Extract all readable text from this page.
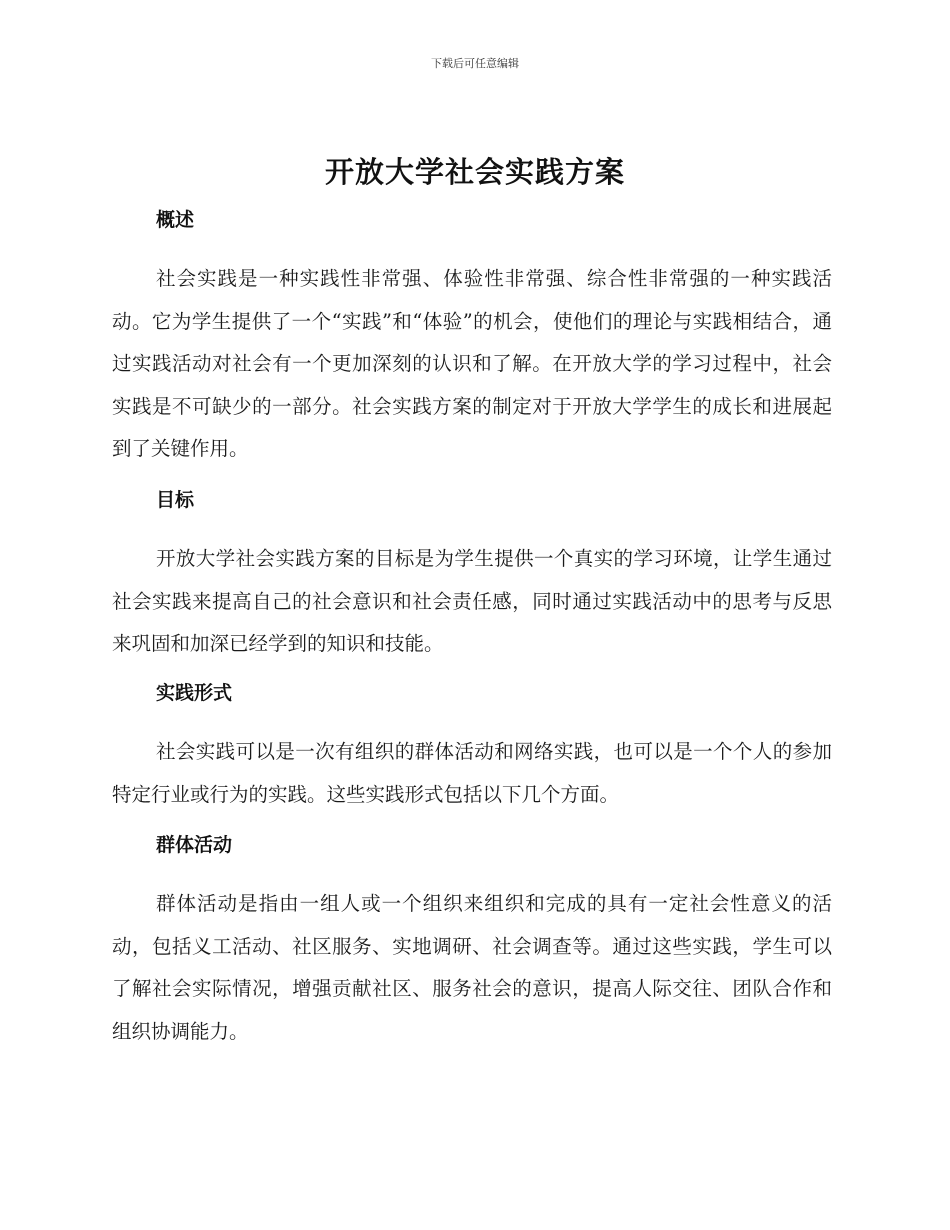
下载后可任意编辑
开放大学社会实践方案
概述

社会实践是一种实践性非常强、体验性非常强、综合性非常强的一种实践活动。它为学生提供了一个“实践”和“体验”的机会，使他们的理论与实践相结合，通过实践活动对社会有一个更加深刻的认识和了解。在开放大学的学习过程中，社会实践是不可缺少的一部分。社会实践方案的制定对于开放大学学生的成长和进展起到了关键作用。

目标

开放大学社会实践方案的目标是为学生提供一个真实的学习环境，让学生通过社会实践来提高自己的社会意识和社会责任感，同时通过实践活动中的思考与反思来巩固和加深已经学到的知识和技能。

实践形式

社会实践可以是一次有组织的群体活动和网络实践，也可以是一个个人的参加特定行业或行为的实践。这些实践形式包括以下几个方面。

群体活动

群体活动是指由一组人或一个组织来组织和完成的具有一定社会性意义的活动，包括义工活动、社区服务、实地调研、社会调查等。通过这些实践，学生可以了解社会实际情况，增强贡献社区、服务社会的意识，提高人际交往、团队合作和组织协调能力。
